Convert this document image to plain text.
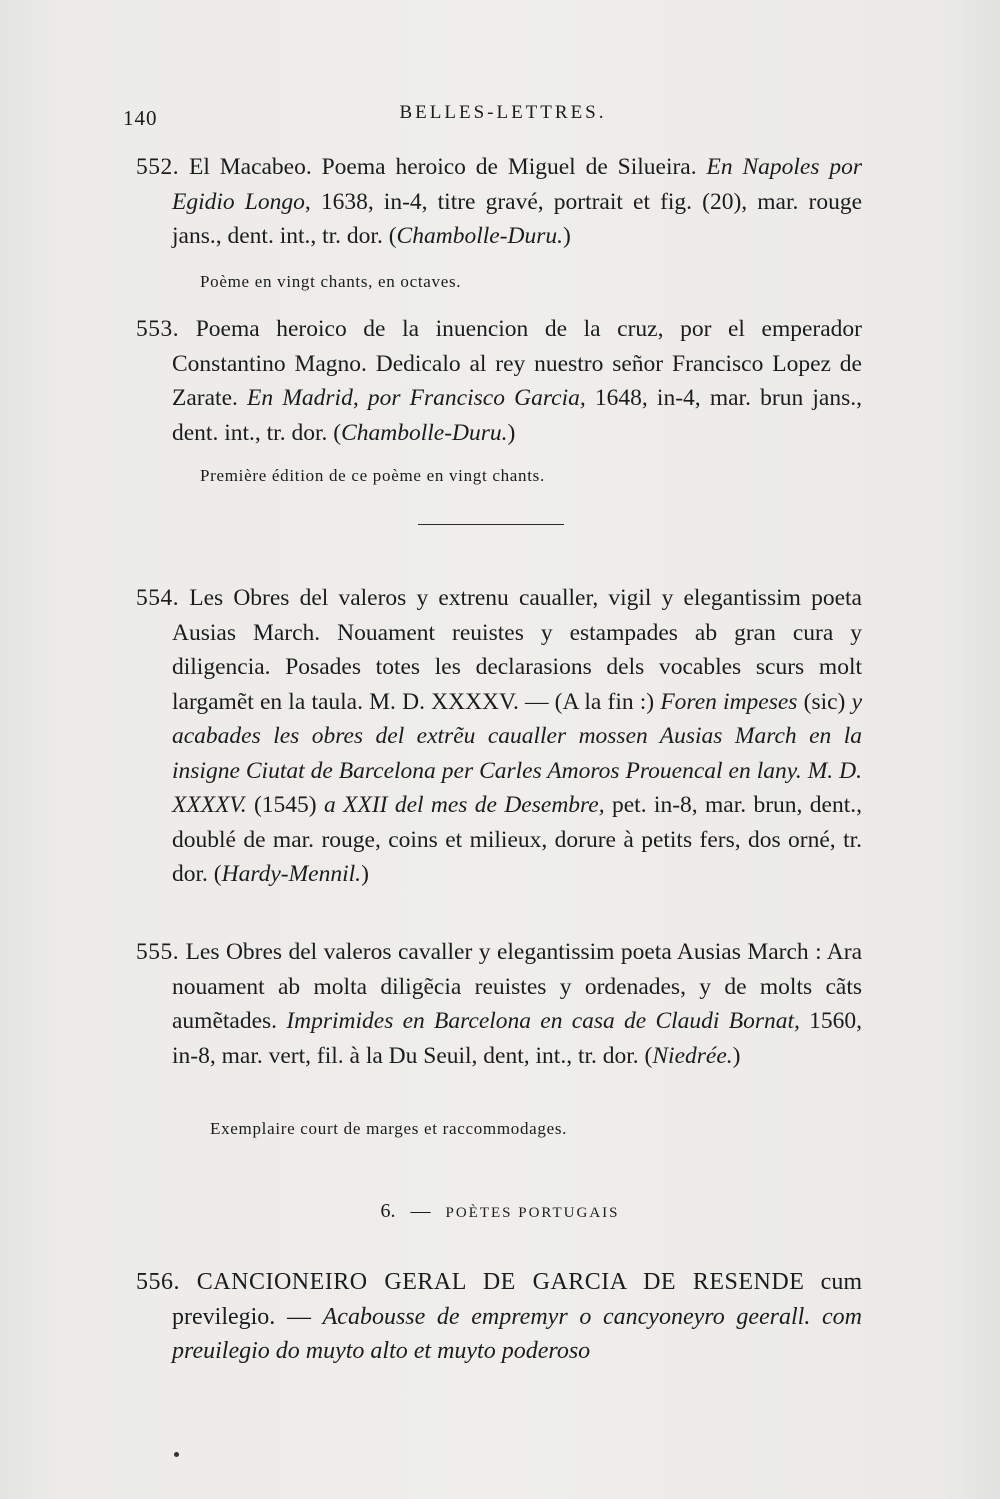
140	BELLES-LETTRES.

552. El Macabeo. Poema heroico de Miguel de Silueira. En Napoles por Egidio Longo, 1638, in-4, titre gravé, portrait et fig. (20), mar. rouge jans., dent. int., tr. dor. (Chambolle-Duru.)

Poème en vingt chants, en octaves.

553. Poema heroico de la inuencion de la cruz, por el emperador Constantino Magno. Dedicalo al rey nuestro señor Francisco Lopez de Zarate. En Madrid, por Francisco Garcia, 1648, in-4, mar. brun jans., dent. int., tr. dor. (Chambolle-Duru.)

Première édition de ce poème en vingt chants.

554. Les Obres del valeros y extrenu caualler, vigil y elegantissim poeta Ausias March. Nouament reuistes y estampades ab gran cura y diligencia. Posades totes les declarasions dels vocables scurs molt largamẽt en la taula. M. D. XXXXV. — (A la fin :) Foren impeses (sic) y acabades les obres del extrẽu caualler mossen Ausias March en la insigne Ciutat de Barcelona per Carles Amoros Prouencal en lany. M. D. XXXXV. (1545) a XXII del mes de Desembre, pet. in-8, mar. brun, dent., doublé de mar. rouge, coins et milieux, dorure à petits fers, dos orné, tr. dor. (Hardy-Mennil.)

555. Les Obres del valeros cavaller y elegantissim poeta Ausias March : Ara nouament ab molta diligẽcia reuistes y ordenades, y de molts cãts aumẽtades. Imprimides en Barcelona en casa de Claudi Bornat, 1560, in-8, mar. vert, fil. à la Du Seuil, dent, int., tr. dor. (Niedrée.)

Exemplaire court de marges et raccommodages.
6. — POÈTES PORTUGAIS

556. CANCIONEIRO GERAL DE GARCIA DE RESENDE cum previlegio. — Acabousse de empremyr o cancyoneyro geerall. com preuilegio do muyto alto et muyto poderoso
